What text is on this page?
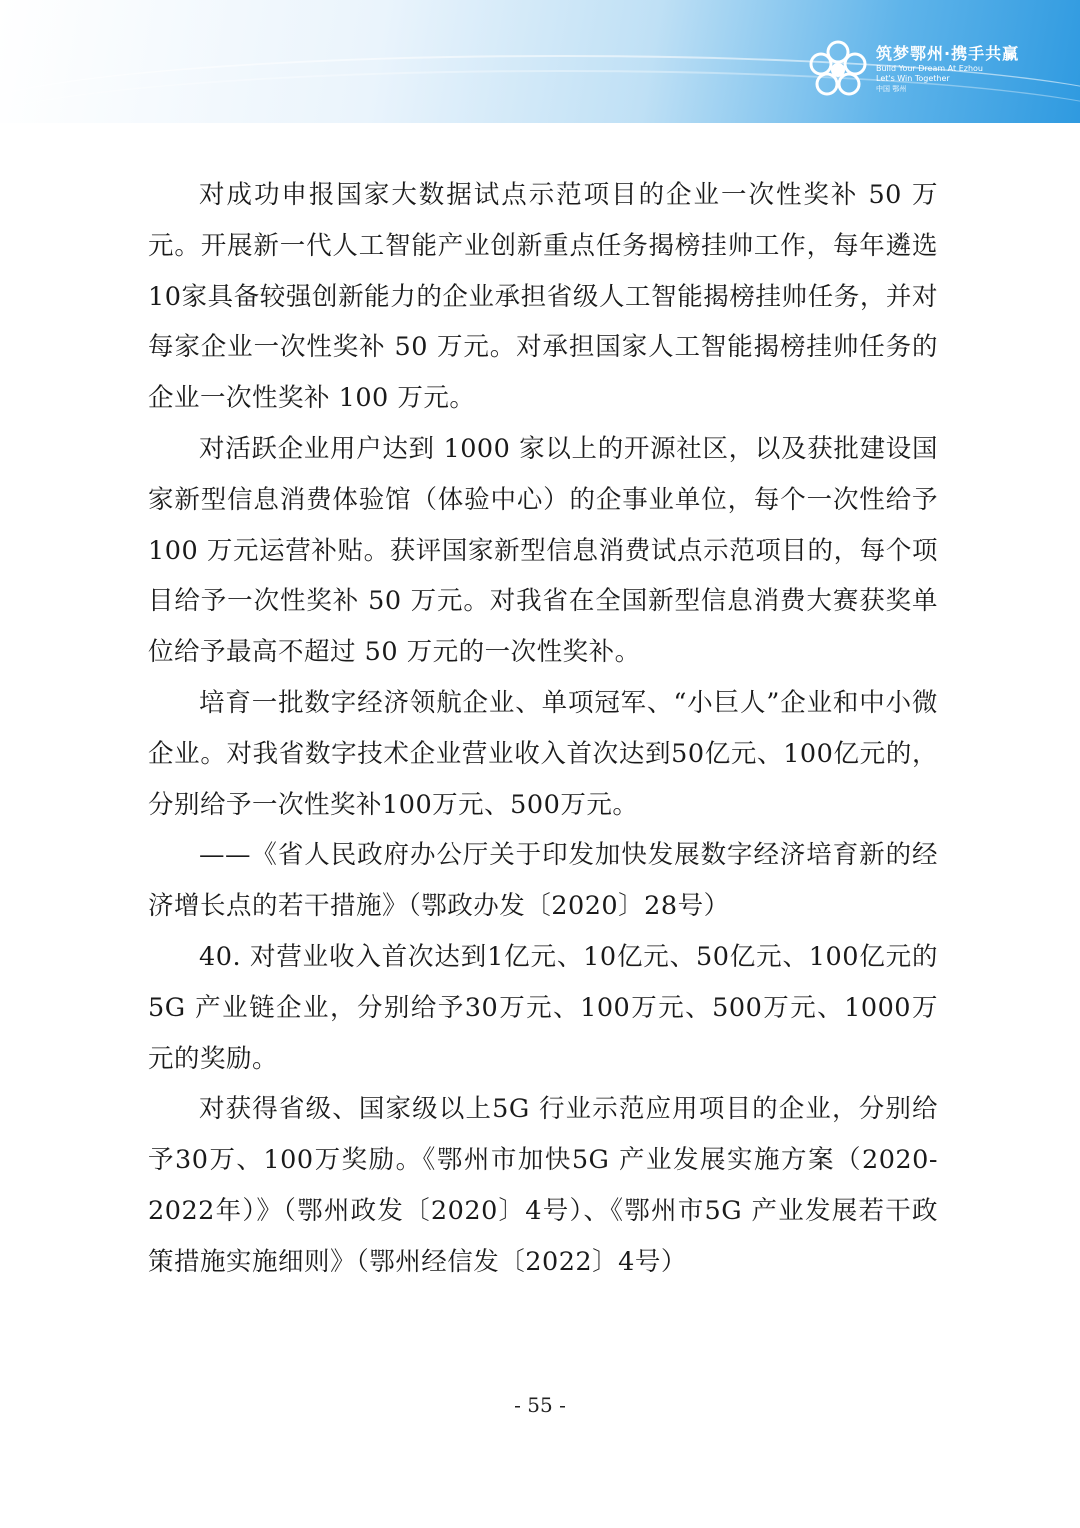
筑梦鄂州·携手共赢
Build Your Dream At Ezhou
Let's Win Together
中国 鄂州

对成功申报国家大数据试点示范项目的企业一次性奖补 50 万元。开展新一代人工智能产业创新重点任务揭榜挂帅工作，每年遴选10家具备较强创新能力的企业承担省级人工智能揭榜挂帅任务，并对每家企业一次性奖补 50 万元。对承担国家人工智能揭榜挂帅任务的企业一次性奖补 100 万元。

对活跃企业用户达到 1000 家以上的开源社区，以及获批建设国家新型信息消费体验馆（体验中心）的企事业单位，每个一次性给予 100 万元运营补贴。获评国家新型信息消费试点示范项目的，每个项目给予一次性奖补 50 万元。对我省在全国新型信息消费大赛获奖单位给予最高不超过 50 万元的一次性奖补。

培育一批数字经济领航企业、单项冠军、“小巨人”企业和中小微企业。对我省数字技术企业营业收入首次达到50亿元、100亿元的，分别给予一次性奖补100万元、500万元。

——《省人民政府办公厅关于印发加快发展数字经济培育新的经济增长点的若干措施》（鄂政办发〔2020〕28号）

40. 对营业收入首次达到1亿元、10亿元、50亿元、100亿元的5G 产业链企业，分别给予30万元、100万元、500万元、1000万元的奖励。

对获得省级、国家级以上5G 行业示范应用项目的企业，分别给予30万、100万奖励。《鄂州市加快5G 产业发展实施方案（2020-2022年）》（鄂州政发〔2020〕4号）、《鄂州市5G 产业发展若干政策措施实施细则》（鄂州经信发〔2022〕4号）

- 55 -
